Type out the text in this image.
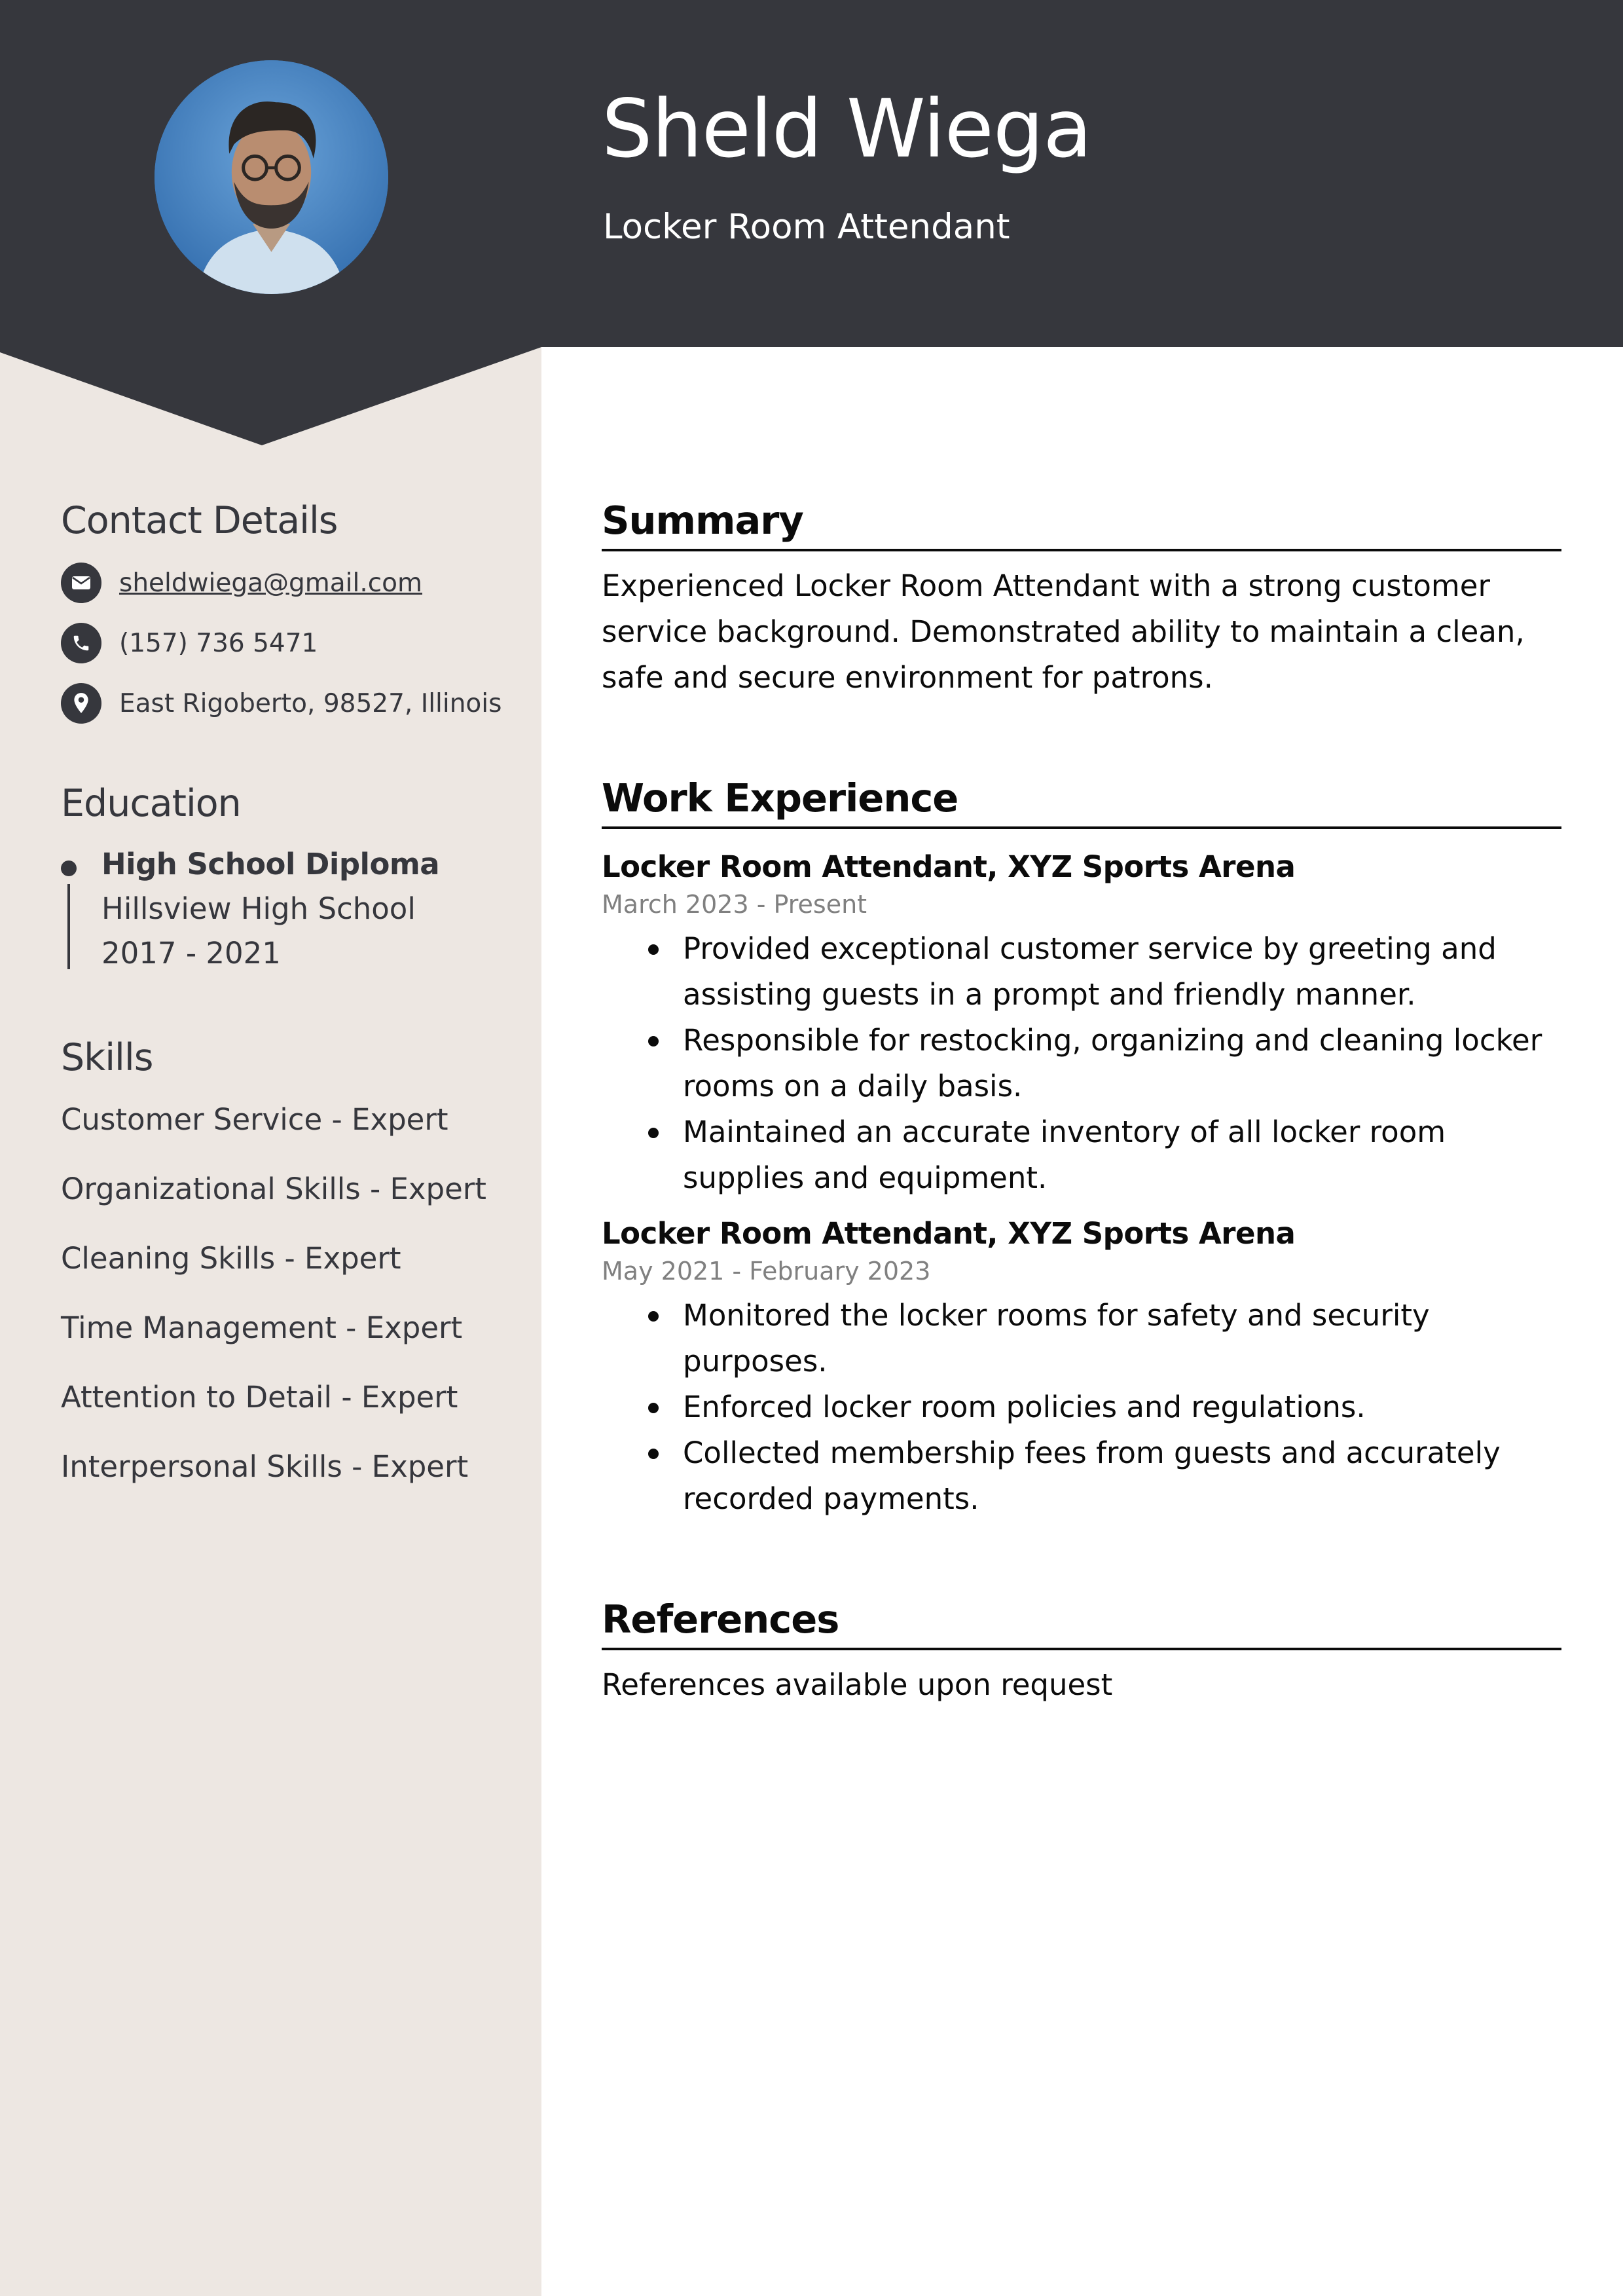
Sheld Wiega
Locker Room Attendant
Contact Details
sheldwiega@gmail.com
(157) 736 5471
East Rigoberto, 98527, Illinois
Education
High School Diploma
Hillsview High School
2017 - 2021
Skills
Customer Service - Expert
Organizational Skills - Expert
Cleaning Skills - Expert
Time Management - Expert
Attention to Detail - Expert
Interpersonal Skills - Expert
Summary
Experienced Locker Room Attendant with a strong customer service background. Demonstrated ability to maintain a clean, safe and secure environment for patrons.
Work Experience
Locker Room Attendant, XYZ Sports Arena
March 2023 - Present
Provided exceptional customer service by greeting and assisting guests in a prompt and friendly manner.
Responsible for restocking, organizing and cleaning locker rooms on a daily basis.
Maintained an accurate inventory of all locker room supplies and equipment.
Locker Room Attendant, XYZ Sports Arena
May 2021 - February 2023
Monitored the locker rooms for safety and security purposes.
Enforced locker room policies and regulations.
Collected membership fees from guests and accurately recorded payments.
References
References available upon request
